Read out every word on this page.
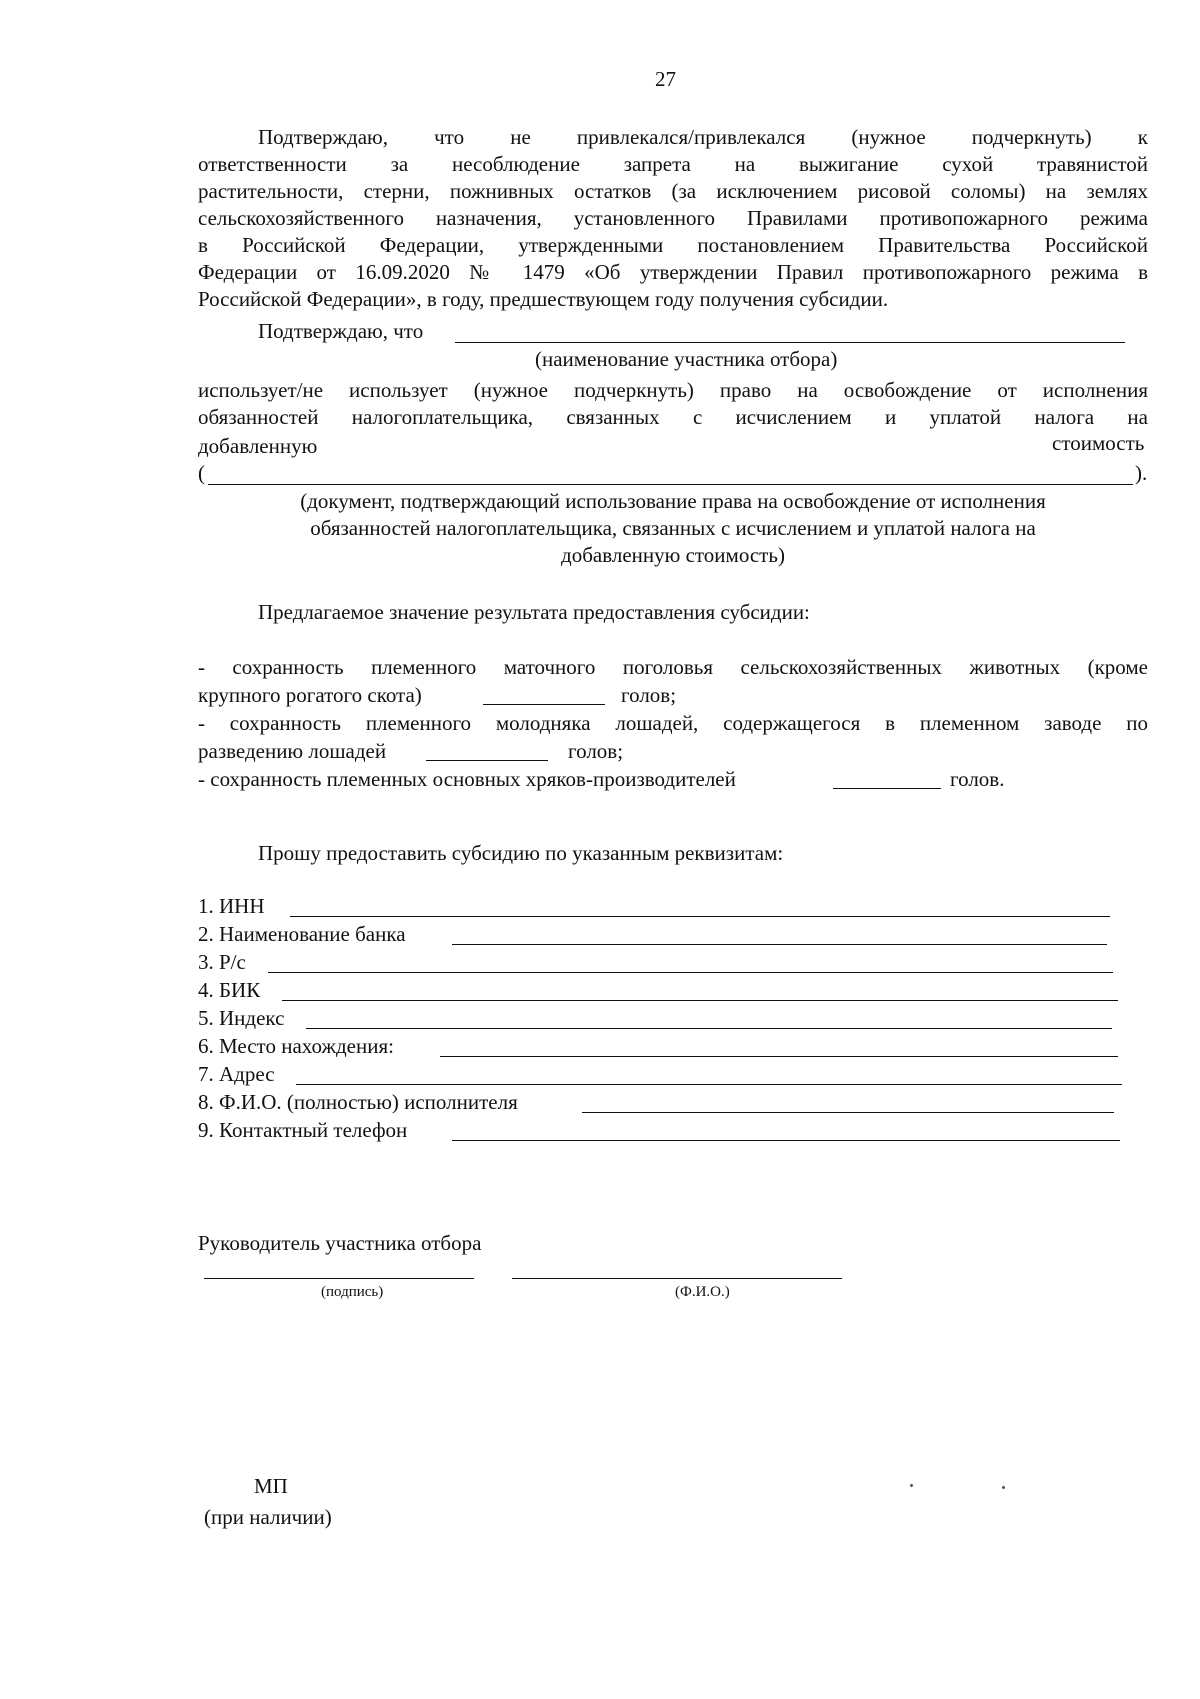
27
Подтверждаю, что не привлекался/привлекался (нужное подчеркнуть) к
ответственности за несоблюдение запрета на выжигание сухой травянистой
растительности, стерни, пожнивных остатков (за исключением рисовой соломы) на землях
сельскохозяйственного назначения, установленного Правилами противопожарного режима
в Российской Федерации, утвержденными постановлением Правительства Российской
Федерации от 16.09.2020 № 1479 «Об утверждении Правил противопожарного режима в
Российской Федерации», в году, предшествующем году получения субсидии.
Подтверждаю, что
(наименование участника отбора)
использует/не использует (нужное подчеркнуть) право на освобождение от исполнения
обязанностей налогоплательщика, связанных с исчислением и уплатой налога на
добавленную	стоимость
(	).
(документ, подтверждающий использование права на освобождение от исполнения
обязанностей налогоплательщика, связанных с исчислением и уплатой налога на
добавленную стоимость)
Предлагаемое значение результата предоставления субсидии:
- сохранность племенного маточного поголовья сельскохозяйственных животных (кроме
крупного рогатого скота)	голов;
- сохранность племенного молодняка лошадей, содержащегося в племенном заводе по
разведению лошадей	голов;
- сохранность племенных основных хряков-производителей	голов.
Прошу предоставить субсидию по указанным реквизитам:
1. ИНН
2. Наименование банка
3. Р/с
4. БИК
5. Индекс
6. Место нахождения:
7. Адрес
8. Ф.И.О. (полностью) исполнителя
9. Контактный телефон
Руководитель участника отбора
(подпись)	(Ф.И.О.)
МП
(при наличии)
